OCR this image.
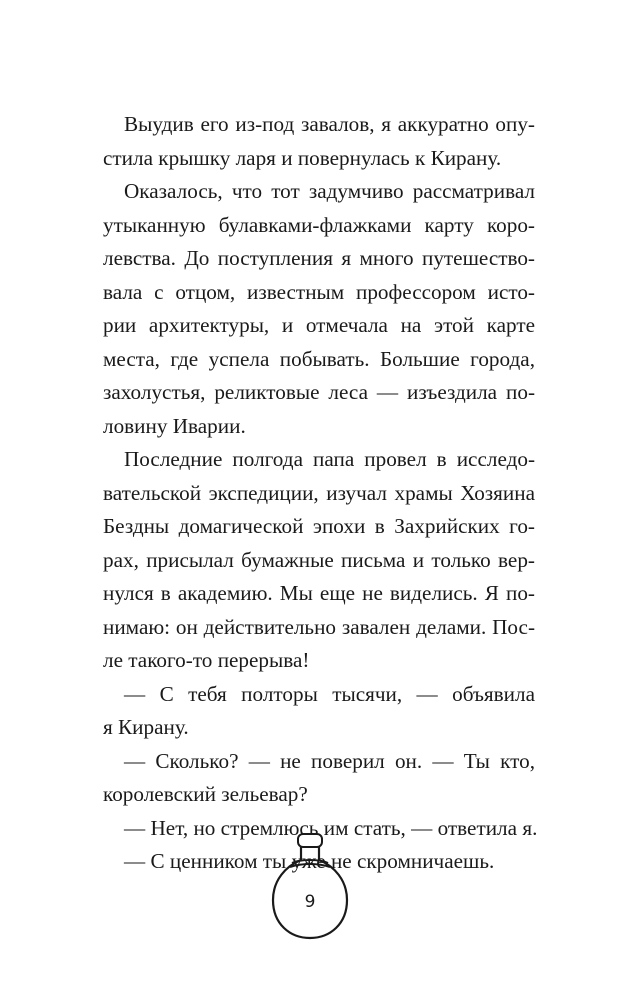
Выудив его из-под завалов, я аккуратно опу-
стила крышку ларя и повернулась к Кирану.
Оказалось, что тот задумчиво рассматривал
утыканную булавками-флажками карту коро-
левства. До поступления я много путешество-
вала с отцом, известным профессором исто-
рии архитектуры, и отмечала на этой карте
места, где успела побывать. Большие города,
захолустья, реликтовые леса — изъездила по-
ловину Иварии.
Последние полгода папа провел в исследо-
вательской экспедиции, изучал храмы Хозяина
Бездны домагической эпохи в Захрийских го-
рах, присылал бумажные письма и только вер-
нулся в академию. Мы еще не виделись. Я по-
нимаю: он действительно завален делами. Пос-
ле такого-то перерыва!
— С тебя полторы тысячи, — объявила
я Кирану.
— Сколько? — не поверил он. — Ты кто,
королевский зельевар?
— Нет, но стремлюсь им стать, — ответила я.
— С ценником ты уже не скромничаешь.
9
